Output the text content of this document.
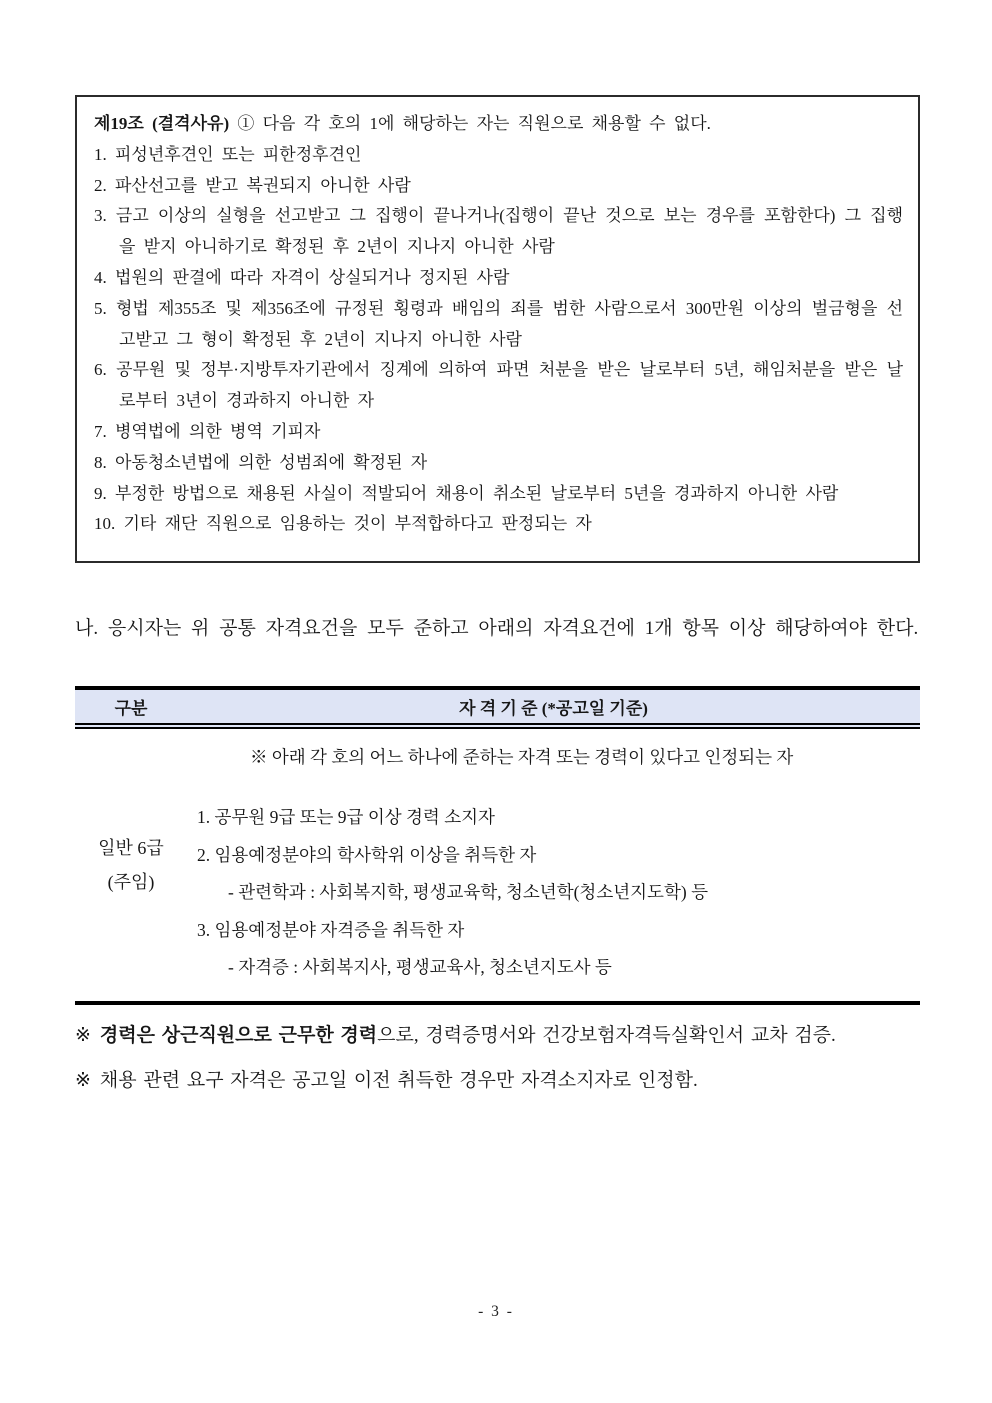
제19조 (결격사유) ① 다음 각 호의 1에 해당하는 자는 직원으로 채용할 수 없다.

1. 피성년후견인 또는 피한정후견인

2. 파산선고를 받고 복권되지 아니한 사람

3. 금고 이상의 실형을 선고받고 그 집행이 끝나거나(집행이 끝난 것으로 보는 경우를 포함한다) 그 집행을 받지 아니하기로 확정된 후 2년이 지나지 아니한 사람

4. 법원의 판결에 따라 자격이 상실되거나 정지된 사람

5. 형법 제355조 및 제356조에 규정된 횡령과 배임의 죄를 범한 사람으로서 300만원 이상의 벌금형을 선고받고 그 형이 확정된 후 2년이 지나지 아니한 사람

6. 공무원 및 정부·지방투자기관에서 징계에 의하여 파면 처분을 받은 날로부터 5년, 해임처분을 받은 날로부터 3년이 경과하지 아니한 자

7. 병역법에 의한 병역 기피자

8. 아동청소년법에 의한 성범죄에 확정된 자

9. 부정한 방법으로 채용된 사실이 적발되어 채용이 취소된 날로부터 5년을 경과하지 아니한 사람

10. 기타 재단 직원으로 임용하는 것이 부적합하다고 판정되는 자

나. 응시자는 위 공통 자격요건을 모두 준하고 아래의 자격요건에 1개 항목 이상 해당하여야 한다.

구분	자 격 기 준 (*공고일 기준)
일반 6급
(주임)

※ 아래 각 호의 어느 하나에 준하는 자격 또는 경력이 있다고 인정되는 자

1. 공무원 9급 또는 9급 이상 경력 소지자

2. 임용예정분야의 학사학위 이상을 취득한 자

- 관련학과 : 사회복지학, 평생교육학, 청소년학(청소년지도학) 등

3. 임용예정분야 자격증을 취득한 자

- 자격증 : 사회복지사, 평생교육사, 청소년지도사 등

※ 경력은 상근직원으로 근무한 경력으로, 경력증명서와 건강보험자격득실확인서 교차 검증.

※ 채용 관련 요구 자격은 공고일 이전 취득한 경우만 자격소지자로 인정함.

- 3 -
